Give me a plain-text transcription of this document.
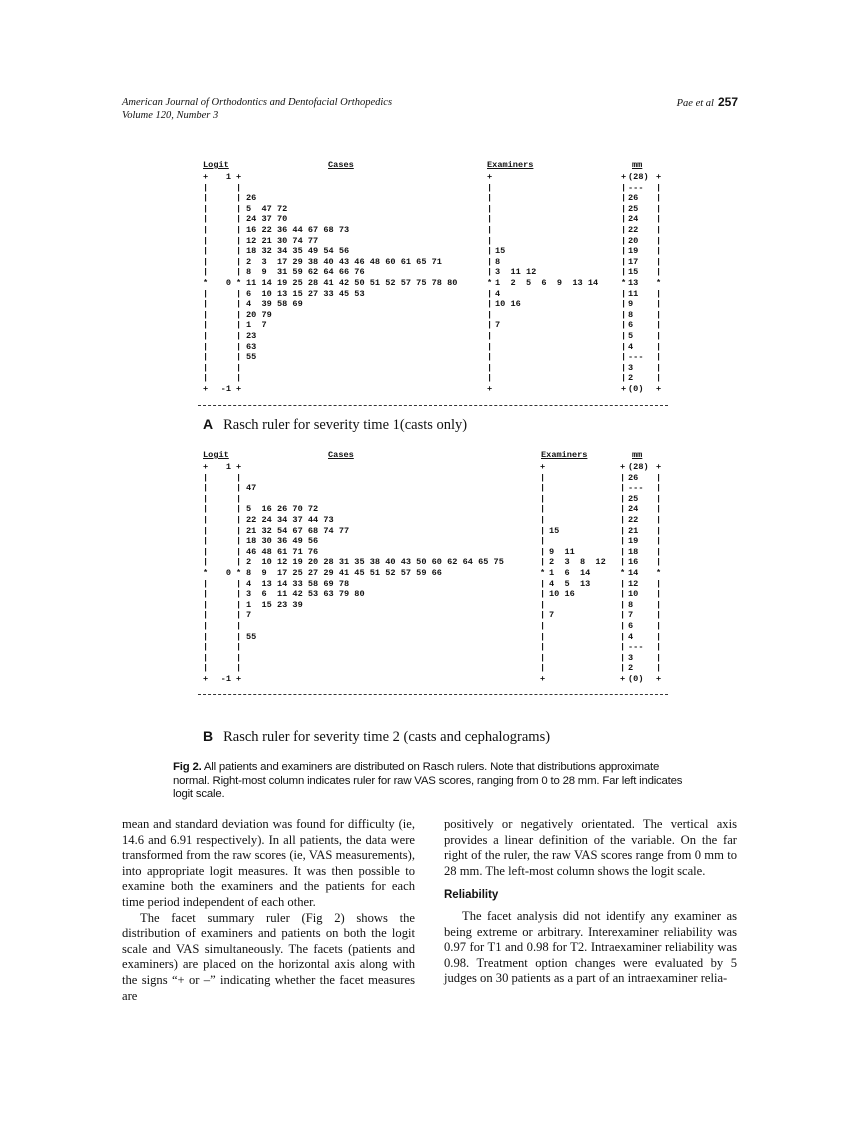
American Journal of Orthodontics and Dentofacial Orthopedics
Volume 120, Number 3
Pae et al 257
Logit	Cases	Examiners	mm
+	1 +	+	+ (28) +
|	|	|	| --- |
|	| 26	|	| 26 |
|	| 5  47 72	|	| 25 |
|	| 24 37 70	|	| 24 |
|	| 16 22 36 44 67 68 73	|	| 22 |
|	| 12 21 30 74 77	|	| 20 |
|	| 18 32 34 35 49 54 56	| 15	| 19 |
|	| 2  3  17 29 38 40 43 46 48 60 61 65 71	| 8	| 17 |
|	| 8  9  31 59 62 64 66 76	| 3  11 12	| 15 |
*	0 * 11 14 19 25 28 41 42 50 51 52 57 75 78 80	* 1  2  5  6  9  13 14	* 13 *
|	| 6  10 13 15 27 33 45 53	| 4	| 11 |
|	| 4  39 58 69	| 10 16	| 9	|
|	| 20 79	|	| 8	|
|	| 1  7	| 7	| 6	|
|	| 23	|	| 5	|
|	| 63	|	| 4	|
|	| 55	|	| --- |
|	|	|	| 3	|
|	|	|	| 2	|
+	-1 +	+	+ (0) +
A Rasch ruler for severity time 1(casts only)
Logit	Cases	Examiners	mm
+	1 +	+	+ (28) +
|	|	|	| 26 |
|	| 47	|	| --- |
|	|	|	| 25 |
|	| 5  16 26 70 72	|	| 24 |
|	| 22 24 34 37 44 73	|	| 22 |
|	| 21 32 54 67 68 74 77	| 15	| 21 |
|	| 18 30 36 49 56	|	| 19 |
|	| 46 48 61 71 76	| 9  11	| 18 |
|	| 2  10 12 19 20 28 31 35 38 40 43 50 60 62 64 65 75	| 2  3  8  12 | 16 |
*	0 * 8  9  17 25 27 29 41 45 51 52 57 59 66	* 1  6  14	* 14 *
|	| 4  13 14 33 58 69 78	| 4  5  13	| 12 |
|	| 3  6  11 42 53 63 79 80	| 10 16	| 10 |
|	| 1  15 23 39	|	| 8	|
|	| 7	| 7	| 7	|
|	|	|	| 6	|
|	| 55	|	| 4	|
|	|	|	| --- |
|	|	|	| 3	|
|	|	|	| 2	|
+	-1 +	+	+ (0) +
B Rasch ruler for severity time 2 (casts and cephalograms)
Fig 2. All patients and examiners are distributed on Rasch rulers. Note that distributions approximate normal. Right-most column indicates ruler for raw VAS scores, ranging from 0 to 28 mm. Far left indicates logit scale.

mean and standard deviation was found for difficulty (ie, 14.6 and 6.91 respectively). In all patients, the data were transformed from the raw scores (ie, VAS measurements), into appropriate logit measures. It was then possible to examine both the examiners and the patients for each time period independent of each other.

The facet summary ruler (Fig 2) shows the distribution of examiners and patients on both the logit scale and VAS simultaneously. The facets (patients and examiners) are placed on the horizontal axis along with the signs “+ or –” indicating whether the facet measures are

positively or negatively orientated. The vertical axis provides a linear definition of the variable. On the far right of the ruler, the raw VAS scores range from 0 mm to 28 mm. The left-most column shows the logit scale.

Reliability

The facet analysis did not identify any examiner as being extreme or arbitrary. Interexaminer reliability was 0.97 for T1 and 0.98 for T2. Intraexaminer reliability was 0.98. Treatment option changes were evaluated by 5 judges on 30 patients as a part of an intraexaminer relia-
